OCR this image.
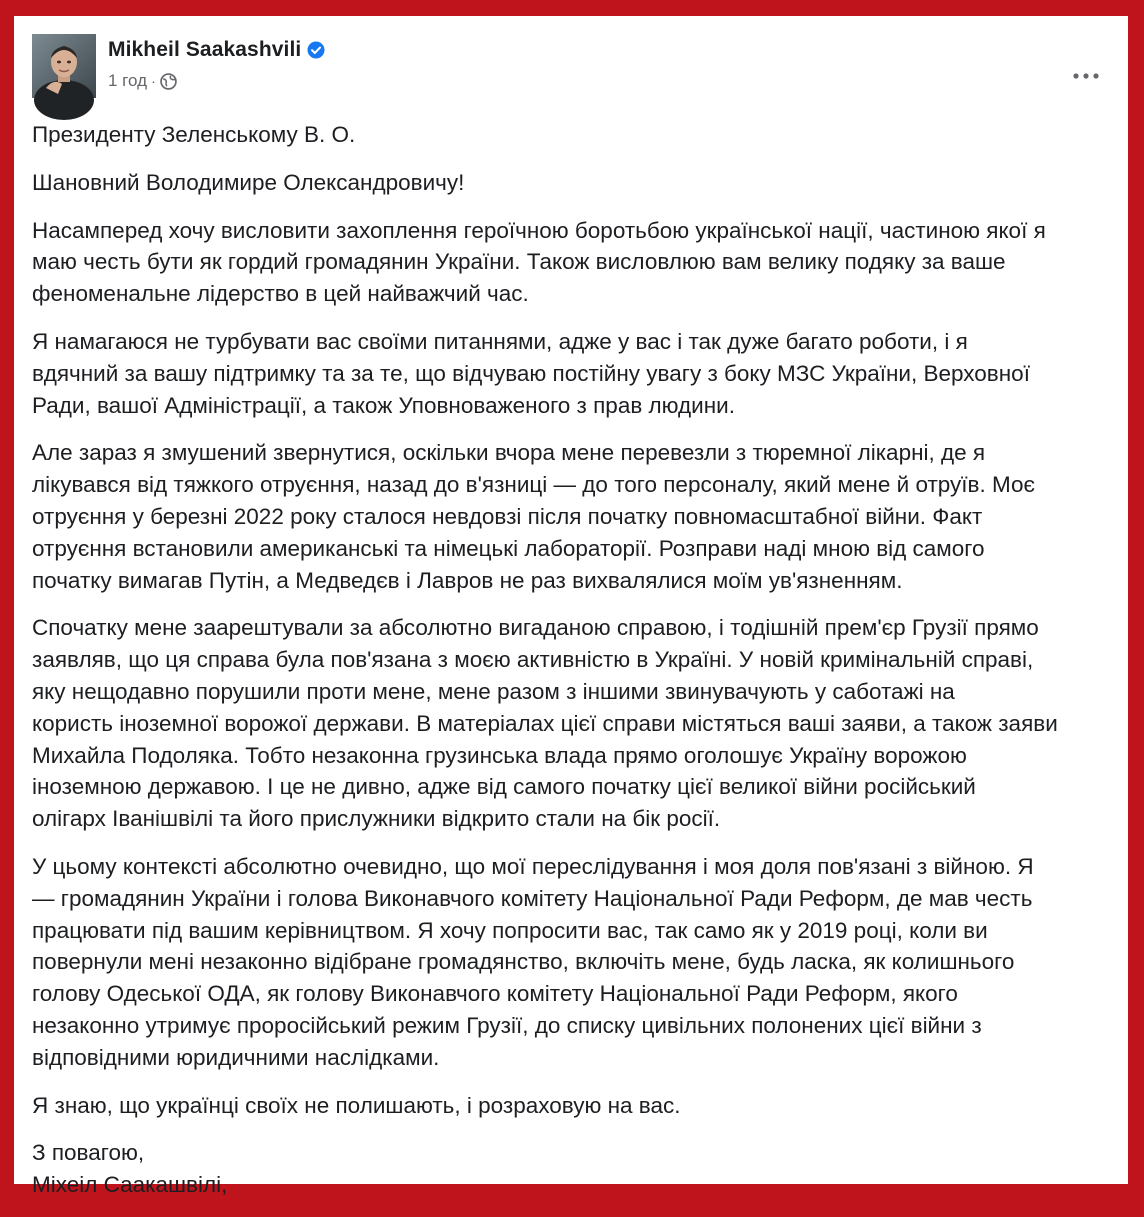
Mikheil Saakashvili
1 год ·

Президенту Зеленському В. О.

Шановний Володимире Олександровичу!

Насамперед хочу висловити захоплення героїчною боротьбою української нації, частиною якої я
маю честь бути як гордий громадянин України. Також висловлюю вам велику подяку за ваше
феноменальне лідерство в цей найважчий час.

Я намагаюся не турбувати вас своїми питаннями, адже у вас і так дуже багато роботи, і я
вдячний за вашу підтримку та за те, що відчуваю постійну увагу з боку МЗС України, Верховної
Ради, вашої Адміністрації, а також Уповноваженого з прав людини.

Але зараз я змушений звернутися, оскільки вчора мене перевезли з тюремної лікарні, де я
лікувався від тяжкого отруєння, назад до в'язниці — до того персоналу, який мене й отруїв. Моє
отруєння у березні 2022 року сталося невдовзі після початку повномасштабної війни. Факт
отруєння встановили американські та німецькі лабораторії. Розправи наді мною від самого
початку вимагав Путін, а Медведєв і Лавров не раз вихвалялися моїм ув'язненням.

Спочатку мене заарештували за абсолютно вигаданою справою, і тодішній прем'єр Грузії прямо
заявляв, що ця справа була пов'язана з моєю активністю в Україні. У новій кримінальній справі,
яку нещодавно порушили проти мене, мене разом з іншими звинувачують у саботажі на
користь іноземної ворожої держави. В матеріалах цієї справи містяться ваші заяви, а також заяви
Михайла Подоляка. Тобто незаконна грузинська влада прямо оголошує Україну ворожою
іноземною державою. І це не дивно, адже від самого початку цієї великої війни російський
олігарх Іванішвілі та його прислужники відкрито стали на бік росії.

У цьому контексті абсолютно очевидно, що мої переслідування і моя доля пов'язані з війною. Я
— громадянин України і голова Виконавчого комітету Національної Ради Реформ, де мав честь
працювати під вашим керівництвом. Я хочу попросити вас, так само як у 2019 році, коли ви
повернули мені незаконно відібране громадянство, включіть мене, будь ласка, як колишнього
голову Одеської ОДА, як голову Виконавчого комітету Національної Ради Реформ, якого
незаконно утримує проросійський режим Грузії, до списку цивільних полонених цієї війни з
відповідними юридичними наслідками.

Я знаю, що українці своїх не полишають, і розраховую на вас.

З повагою,
Міхеіл Саакашвілі,
